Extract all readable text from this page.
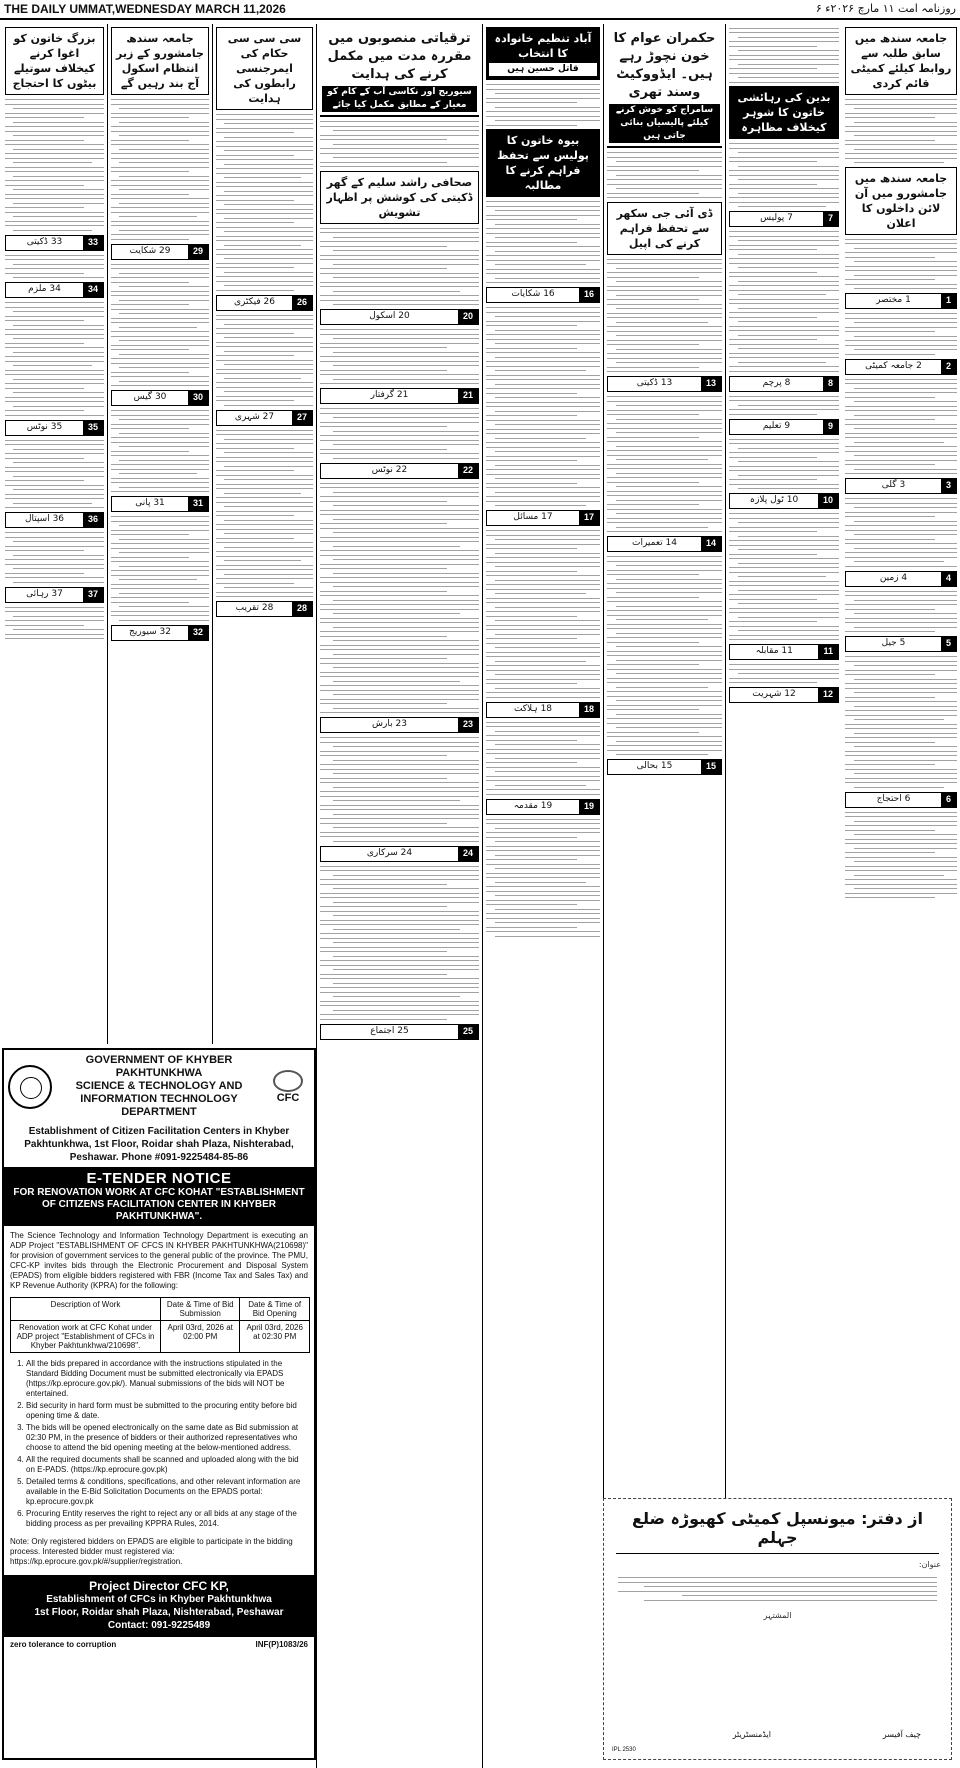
THE DAILY UMMAT,WEDNESDAY MARCH 11,2026	روزنامہ امت ۱۱ مارچ ۲۰۲۶ء ۶
جامعہ سندھ میں سابق طلبہ سے روابط کیلئے کمیٹی قائم کردی
جامعہ سندھ میں جامشورو میں آن لائن داخلوں کا اعلان
1
1 مختصر
2
2 جامعہ کمیٹی
3
3 گلی
4
4 زمین
5
5 جیل
6
6 احتجاج
بدین کی رہائشی خاتون کا شوہر کیخلاف مظاہرہ
7
7 پولیس
8
8 پرچم
9
9 تعلیم
10
10 ٹول پلازہ
11
11 مقابلہ
12
12 شہریت
حکمران عوام کا خون نچوڑ رہے ہیں۔ ایڈووکیٹ وسند تھری
سامراج کو خوش کرنے کیلئے پالیسیاں بنائی جاتی ہیں
ڈی آئی جی سکھر سے تحفظ فراہم کرنے کی اپیل
13
13 ڈکیتی
14
14 تعمیرات
15
15 بحالی
آباد تنظیم خانوادہ کا انتخاب
قاتل حسین ہیں
بیوہ خاتون کا پولیس سے تحفظ فراہم کرنے کا مطالبہ
16
16 شکایات
17
17 مسائل
18
18 ہلاکت
19
19 مقدمہ
ترقیاتی منصوبوں میں مقررہ مدت میں مکمل کرنے کی ہدایت
سیوریج اور نکاسی آب کے کام کو معیار کے مطابق مکمل کیا جائے
صحافی راشد سلیم کے گھر ڈکیتی کی کوشش پر اظہار تشویش
20
20 اسکول
21
21 گرفتار
22
22 نوٹس
23
23 بارش
24
24 سرکاری
25
25 اجتماع
سی سی سی حکام کی ایمرجنسی رابطوں کی ہدایت
26
26 فیکٹری
27
27 شہری
28
28 تقریب
جامعہ سندھ جامشورو کے زیر انتظام اسکول آج بند رہیں گے
29
29 شکایت
30
30 گیس
31
31 پانی
32
32 سیوریج
بزرگ خاتون کو اغوا کرنے کیخلاف سوتیلے بیٹوں کا احتجاج
33
33 ڈکیتی
34
34 ملزم
35
35 نوٹس
36
36 اسپتال
37
37 رہائی
GOVERNMENT OF KHYBER PAKHTUNKHWA
SCIENCE & TECHNOLOGY AND
INFORMATION TECHNOLOGY DEPARTMENT
CFC
Establishment of Citizen Facilitation Centers in Khyber
Pakhtunkhwa, 1st Floor, Roidar shah Plaza, Nishterabad,
Peshawar. Phone #091-9225484-85-86
E-TENDER NOTICE
FOR RENOVATION WORK AT CFC KOHAT "ESTABLISHMENT OF CITIZENS FACILITATION CENTER IN KHYBER PAKHTUNKHWA".
The Science Technology and Information Technology Department is executing an ADP Project "ESTABLISHMENT OF CFCS IN KHYBER PAKHTUNKHWA(210698)" for provision of government services to the general public of the province. The PMU, CFC-KP invites bids through the Electronic Procurement and Disposal System (EPADS) from eligible bidders registered with FBR (Income Tax and Sales Tax) and KP Revenue Authority (KPRA) for the following:
Description of Work	Date & Time of Bid Submission	Date & Time of Bid Opening
Renovation work at CFC Kohat under ADP project "Establishment of CFCs in Khyber Pakhtunkhwa/210698".	April 03rd, 2026 at 02:00 PM	April 03rd, 2026 at 02:30 PM
1. All the bids prepared in accordance with the instructions stipulated in the Standard Bidding Document must be submitted electronically via EPADS (https://kp.eprocure.gov.pk/). Manual submissions of the bids will NOT be entertained.
2. Bid security in hard form must be submitted to the procuring entity before bid opening time & date.
3. The bids will be opened electronically on the same date as Bid submission at 02:30 PM, in the presence of bidders or their authorized representatives who choose to attend the bid opening meeting at the below-mentioned address.
4. All the required documents shall be scanned and uploaded along with the bid on E-PADS. (https://kp.eprocure.gov.pk)
5. Detailed terms & conditions, specifications, and other relevant information are available in the E-Bid Solicitation Documents on the EPADS portal: kp.eprocure.gov.pk
6. Procuring Entity reserves the right to reject any or all bids at any stage of the bidding process as per prevailing KPPRA Rules, 2014.
Note: Only registered bidders on EPADS are eligible to participate in the bidding process. Interested bidder must registered via: https://kp.eprocure.gov.pk/#/supplier/registration.
Project Director CFC KP,
Establishment of CFCs in Khyber Pakhtunkhwa
1st Floor, Roidar shah Plaza, Nishterabad, Peshawar
Contact: 091-9225489
zero tolerance to corruption	INF(P)1083/26
از دفتر: میونسپل کمیٹی کھیوڑہ ضلع جہلم
عنوان:
المشتہر
چیف آفیسر
ایڈمنسٹریٹر
IPL 2530
